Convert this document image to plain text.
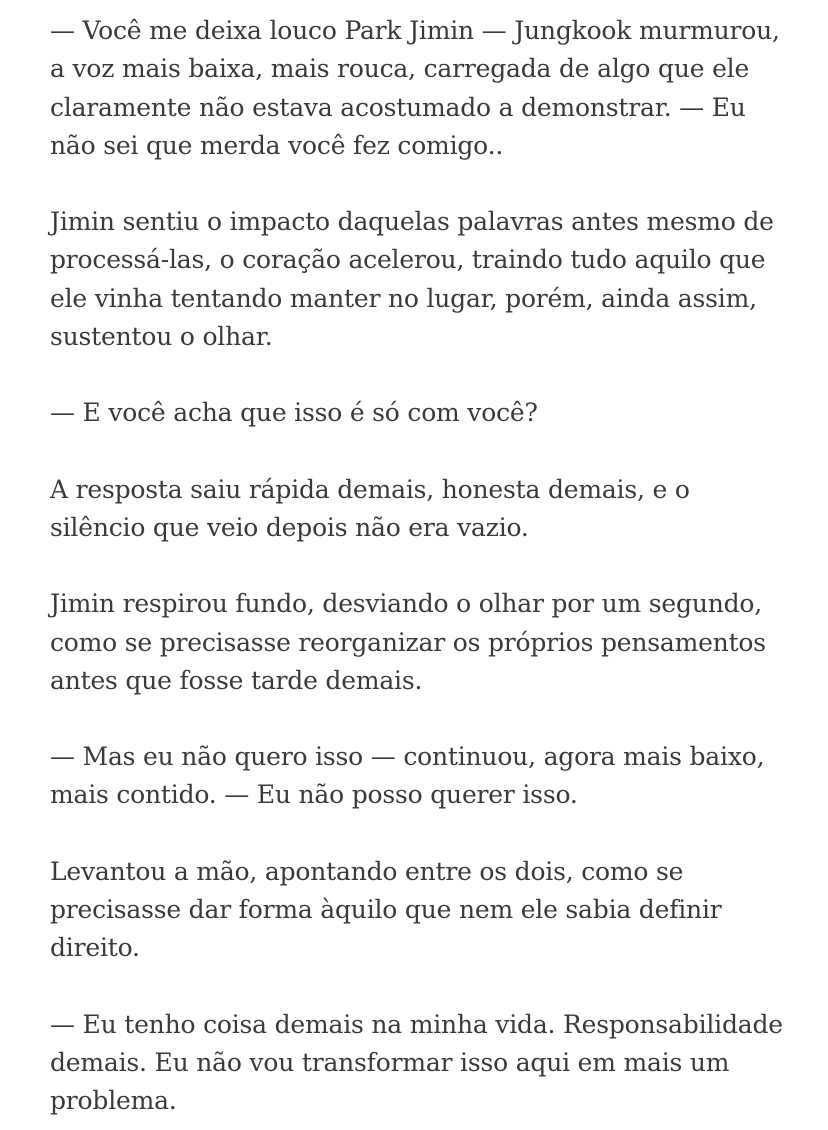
— Você me deixa louco Park Jimin — Jungkook murmurou, a voz mais baixa, mais rouca, carregada de algo que ele claramente não estava acostumado a demonstrar. — Eu não sei que merda você fez comigo..

Jimin sentiu o impacto daquelas palavras antes mesmo de processá-las, o coração acelerou, traindo tudo aquilo que ele vinha tentando manter no lugar, porém, ainda assim, sustentou o olhar.

— E você acha que isso é só com você?

A resposta saiu rápida demais, honesta demais, e o silêncio que veio depois não era vazio.

Jimin respirou fundo, desviando o olhar por um segundo, como se precisasse reorganizar os próprios pensamentos antes que fosse tarde demais.

— Mas eu não quero isso — continuou, agora mais baixo, mais contido. — Eu não posso querer isso.

Levantou a mão, apontando entre os dois, como se precisasse dar forma àquilo que nem ele sabia definir direito.

— Eu tenho coisa demais na minha vida. Responsabilidade demais. Eu não vou transformar isso aqui em mais um problema.
